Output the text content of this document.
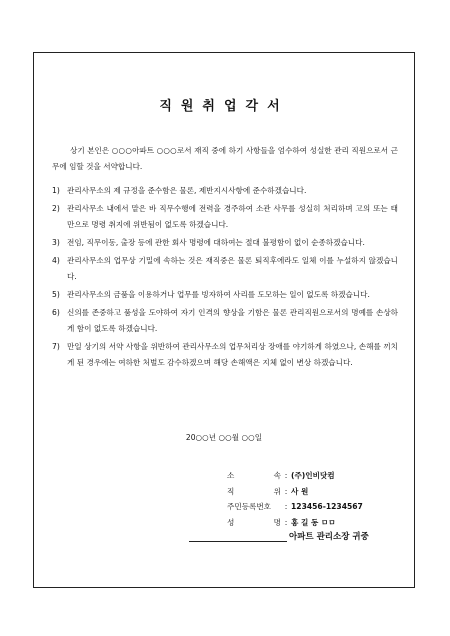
직원취업각서
상기 본인은 ○○○아파트 ○○○로서 재직 중에 하기 사항들을 엄수하여 성실한 관리 직원으로서 근무에 임할 것을 서약합니다.
1) 관리사무소의 제 규정을 준수함은 물론, 제반지시사항에 준수하겠습니다.
2) 관리사무소 내에서 맡은 바 직무수행에 전력을 경주하여 소관 사무를 성실히 처리하며 고의 또는 태만으로 명령 취지에 위반됨이 없도록 하겠습니다.
3) 전임, 직무이동, 출장 등에 관한 회사 명령에 대하여는 절대 불평함이 없이 순종하겠습니다.
4) 관리사무소의 업무상 기밀에 속하는 것은 재직중은 물론 퇴직후에라도 일체 이를 누설하지 않겠습니다.
5) 관리사무소의 금품을 이용하거나 업무를 빙자하여 사리를 도모하는 일이 없도록 하겠습니다.
6) 신의를 존중하고 품성을 도야하여 자기 인격의 향상을 기함은 물론 관리직원으로서의 명예를 손상하게 함이 없도록 하겠습니다.
7) 만일 상기의 서약 사항을 위반하여 관리사무소의 업무처리상 장애를 야기하게 하였으나, 손해를 끼치게 된 경우에는 여하한 처벌도 감수하겠으며 해당 손해액은 지체 없이 변상 하겠습니다.
20○○년 ○○월 ○○일
소	속 : (주)인비닷컴
직	위 : 사 원
주민등록번호	: 123456-1234567
성	명 : 홍 길 동 ㅁㅁ
아파트 관리소장 귀중
